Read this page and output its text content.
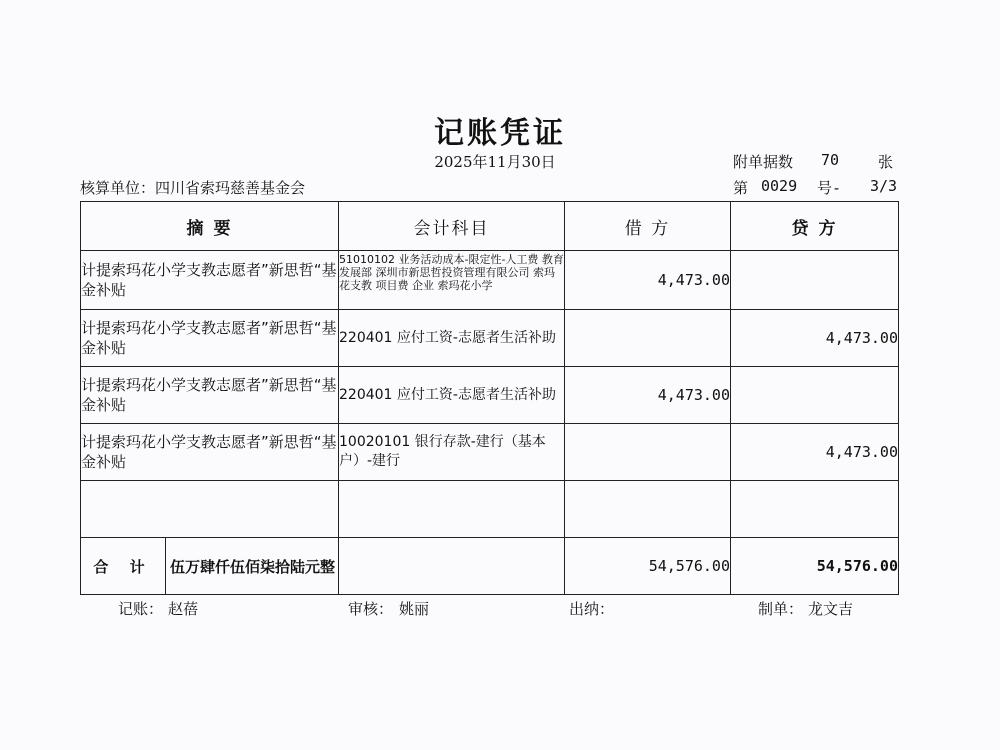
记账凭证
2025年11月30日	附单据数 70	张
核算单位：四川省索玛慈善基金会	第 0029 号- 3/3
摘 要	会计科目	借 方	贷 方
计提索玛花小学支教志愿者”新思哲“基金补贴	51010102 业务活动成本-限定性-人工费 教育发展部 深圳市新思哲投资管理有限公司 索玛花支教 项目费 企业 索玛花小学	4,473.00	
计提索玛花小学支教志愿者”新思哲“基金补贴	220401 应付工资-志愿者生活补助		4,473.00
计提索玛花小学支教志愿者”新思哲“基金补贴	220401 应付工资-志愿者生活补助	4,473.00	
计提索玛花小学支教志愿者”新思哲“基金补贴	10020101 银行存款-建行（基本户）-建行		4,473.00

合 计 伍万肆仟伍佰柒拾陆元整		54,576.00	54,576.00
记账： 赵蓓	审核： 姚丽	出纳：	制单： 龙文吉
